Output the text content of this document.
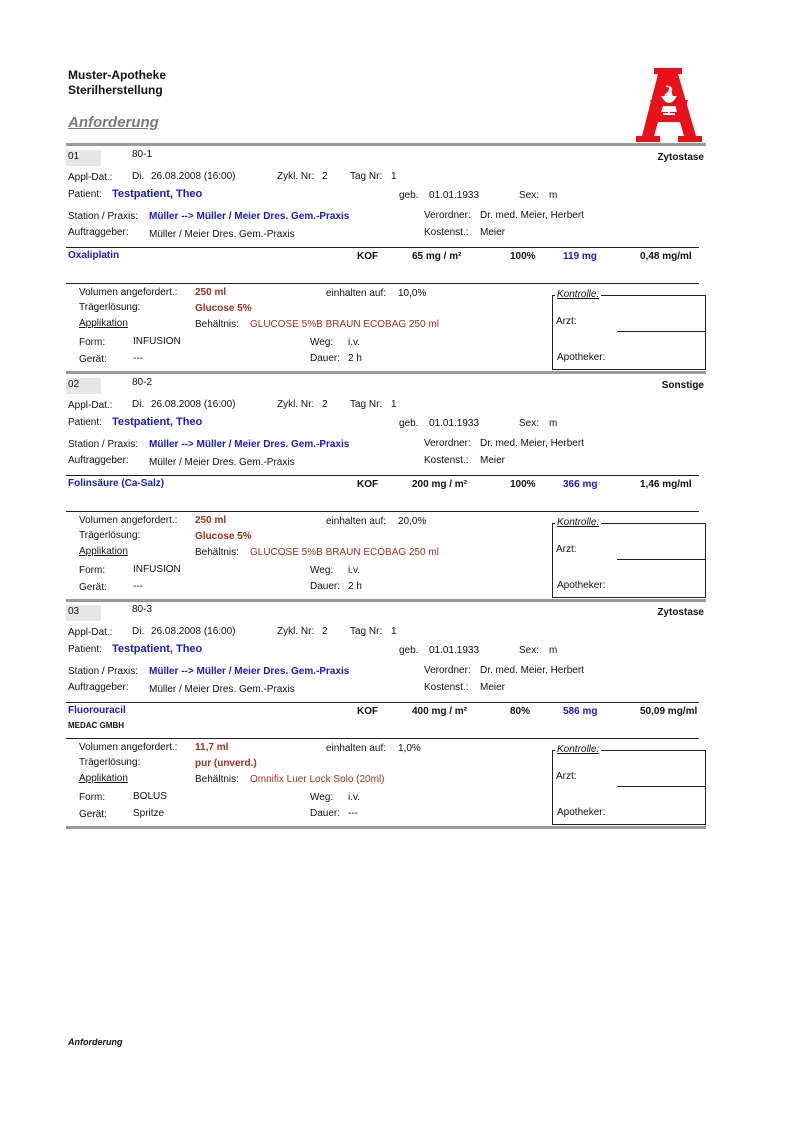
Muster-Apotheke
Sterilherstellung
Anforderung
01	80-1	Zytostase
Appl-Dat.: Di. 26.08.2008 (16:00)	Zykl. Nr: 2 Tag Nr: 1
Patient: Testpatient, Theo	geb. 01.01.1933	Sex: m
Station / Praxis: Müller --> Müller / Meier Dres. Gem.-Praxis	Verordner: Dr. med. Meier, Herbert
Auftraggeber: Müller / Meier Dres. Gem.-Praxis	Kostenst.: Meier
Oxaliplatin	KOF	65 mg / m²	100%	119 mg	0,48 mg/ml
Volumen angefordert.: 250 ml	einhalten auf: 10,0%
Trägerlösung:	Glucose 5%
Applikation	Behältnis: GLUCOSE 5%B BRAUN ECOBAG 250 ml
Form:	INFUSION	Weg: i.v.
Gerät:	---	Dauer: 2 h
Kontrolle:
Arzt:
Apotheker:
02	80-2	Sonstige
Appl-Dat.: Di. 26.08.2008 (16:00)	Zykl. Nr: 2 Tag Nr: 1
Patient: Testpatient, Theo	geb. 01.01.1933	Sex: m
Station / Praxis: Müller --> Müller / Meier Dres. Gem.-Praxis	Verordner: Dr. med. Meier, Herbert
Auftraggeber: Müller / Meier Dres. Gem.-Praxis	Kostenst.: Meier
Folinsäure (Ca-Salz)	KOF	200 mg / m²	100%	366 mg	1,46 mg/ml
Volumen angefordert.: 250 ml	einhalten auf: 20,0%
Trägerlösung:	Glucose 5%
Applikation	Behältnis: GLUCOSE 5%B BRAUN ECOBAG 250 ml
Form:	INFUSION	Weg: i.v.
Gerät:	---	Dauer: 2 h
Kontrolle:
Arzt:
Apotheker:
03	80-3	Zytostase
Appl-Dat.: Di. 26.08.2008 (16:00)	Zykl. Nr: 2 Tag Nr: 1
Patient: Testpatient, Theo	geb. 01.01.1933	Sex: m
Station / Praxis: Müller --> Müller / Meier Dres. Gem.-Praxis	Verordner: Dr. med. Meier, Herbert
Auftraggeber: Müller / Meier Dres. Gem.-Praxis	Kostenst.: Meier
Fluorouracil	KOF	400 mg / m²	80%	586 mg	50,09 mg/ml
MEDAC GMBH
Volumen angefordert.: 11,7 ml	einhalten auf: 1,0%
Trägerlösung:	pur (unverd.)
Applikation	Behältnis: Omnifix Luer Lock Solo (20ml)
Form:	BOLUS	Weg: i.v.
Gerät:	Spritze	Dauer: ---
Kontrolle:
Arzt:
Apotheker:
Anforderung
